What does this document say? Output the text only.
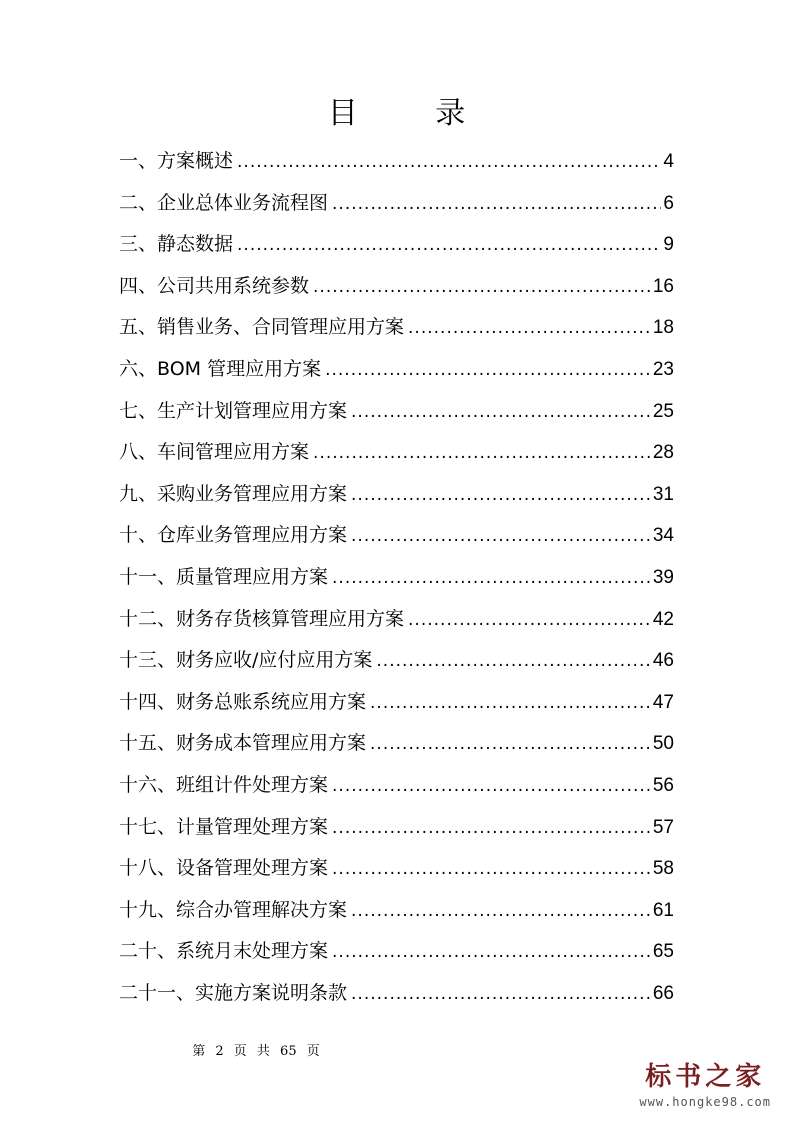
目 录
一、方案概述 .....	4
二、企业总体业务流程图 .....	6
三、静态数据 .....	9
四、公司共用系统参数 .....	16
五、销售业务、合同管理应用方案 .....	18
六、BOM 管理应用方案 .....	23
七、生产计划管理应用方案 .....	25
八、车间管理应用方案 .....	28
九、采购业务管理应用方案 .....	31
十、仓库业务管理应用方案 .....	34
十一、质量管理应用方案 .....	39
十二、财务存货核算管理应用方案 .....	42
十三、财务应收/应付应用方案 .....	46
十四、财务总账系统应用方案 .....	47
十五、财务成本管理应用方案 .....	50
十六、班组计件处理方案 .....	56
十七、计量管理处理方案 .....	57
十八、设备管理处理方案 .....	58
十九、综合办管理解决方案 .....	61
二十、系统月末处理方案 .....	65
二十一、实施方案说明条款 .....	66
第 2 页 共 65 页
标书之家
www.hongke98.com
